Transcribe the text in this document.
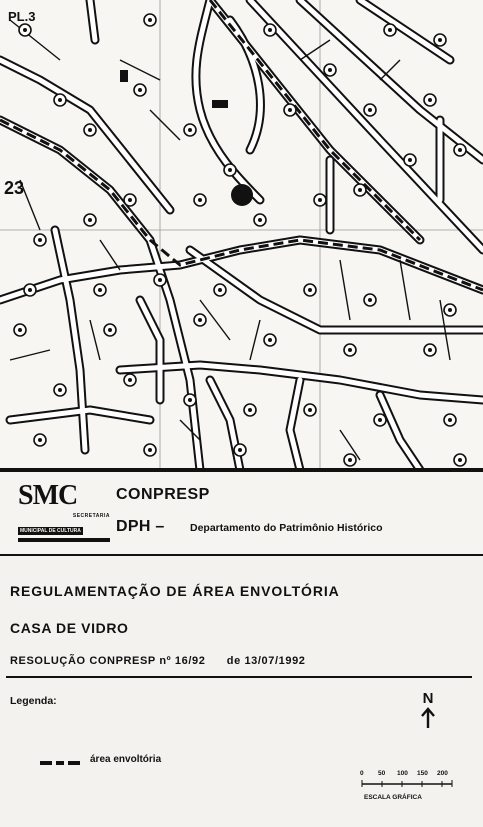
PL.3
23
SMC
SECRETARIA
MUNICIPAL DE CULTURA
CONPRESP
DPH – Departamento do Patrimônio Histórico
REGULAMENTAÇÃO DE ÁREA ENVOLTÓRIA
CASA DE VIDRO
RESOLUÇÃO CONPRESP nº 16/92 de 13/07/1992
Legenda:	N
área envoltória
0 50 100 150 200
ESCALA GRÁFICA
